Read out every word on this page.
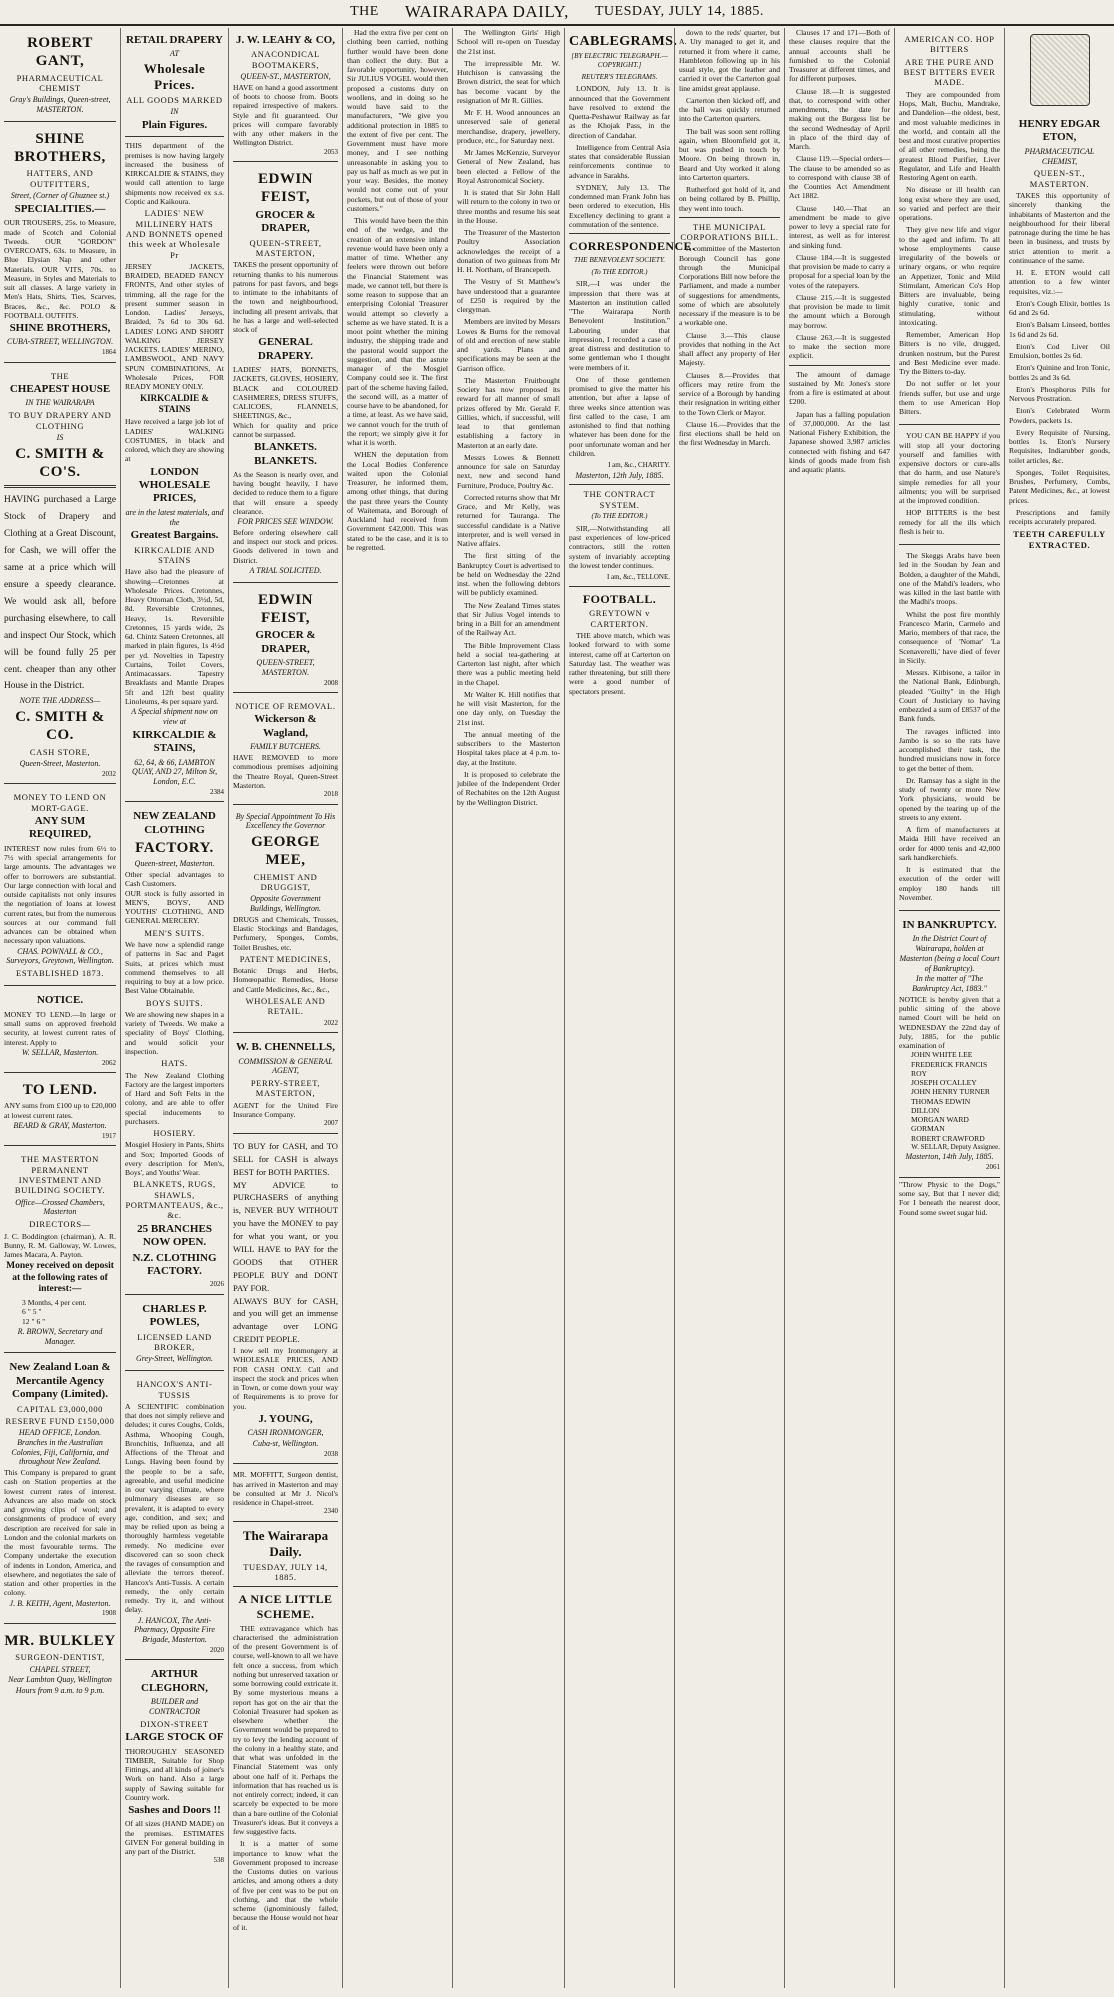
THE WAIRARAPA DAILY, TUESDAY, JULY 14, 1885.
ROBERT GANT,
PHARMACEUTICAL CHEMIST
Gray's Buildings, Queen-street, MASTERTON.
SHINE BROTHERS,
HATTERS, AND OUTFITTERS,
Street, (Corner of Ghuznee st.)
SPECIALITIES.—
OUR TROUSERS, 25s. to Measure, made of Scotch and Colonial Tweeds. OUR "GORDON" OVERCOATS, 63s. to Measure, in Blue Elysian Nap and other Materials. OUR VITS, 70s. to Measure, in Styles and Materials to suit all classes. A large variety in Men's Hats, Shirts, Ties, Scarves, Braces, &c., &c. POLO & FOOTBALL OUTFITS.
SHINE BROTHERS,
CUBA-STREET, WELLINGTON.
1864
THE
CHEAPEST HOUSE
IN THE WAIRARAPA
TO BUY DRAPERY AND CLOTHING
IS
C. SMITH & CO'S.
HAVING purchased a Large Stock of Drapery and Clothing at a Great Discount, for Cash, we will offer the same at a price which will ensure a speedy clearance. We would ask all, before purchasing elsewhere, to call and inspect Our Stock, which will be found fully 25 per cent. cheaper than any other House in the District.
NOTE THE ADDRESS—
C. SMITH & CO.
CASH STORE,
Queen-Street, Masterton.
2032
MONEY TO LEND ON MORT-GAGE.
ANY SUM REQUIRED,
INTEREST now rules from 6½ to 7½ with special arrangements for large amounts. The advantages we offer to borrowers are substantial. Our large connection with local and outside capitalists not only insures the negotiation of loans at lowest current rates, but from the numerous sources at our command full advances can be obtained when necessary upon valuations.
CHAS. POWNALL & CO., Surveyors, Greytown, Wellington.
ESTABLISHED 1873.
NOTICE.
MONEY TO LEND.—In large or small sums on approved freehold security, at lowest current rates of interest. Apply to
W. SELLAR, Masterton.
2062
TO LEND.
ANY sums from £100 up to £20,000 at lowest current rates.
BEARD & GRAY, Masterton.
1917
THE MASTERTON PERMANENT INVESTMENT AND BUILDING SOCIETY.
Office—Crossed Chambers, Masterton
DIRECTORS—
J. C. Boddington (chairman), A. R. Bunny, R. M. Galloway, W. Lowes, James Macara, A. Payton.
Money received on deposit at the following rates of interest:—
3 Months, 4 per cent.
6 " 5 "
12 " 6 "
R. BROWN, Secretary and Manager.
New Zealand Loan & Mercantile Agency Company (Limited).
CAPITAL £3,000,000
RESERVE FUND £150,000
HEAD OFFICE, London. Branches in the Australian Colonies, Fiji, California, and throughout New Zealand.
This Company is prepared to grant cash on Station properties at the lowest current rates of interest. Advances are also made on stock and growing clips of wool; and consignments of produce of every description are received for sale in London and the colonial markets on the most favourable terms. The Company undertake the execution of indents in London, America, and elsewhere, and negotiates the sale of station and other properties in the colony.
J. B. KEITH, Agent, Masterton.
1908
MR. BULKLEY
SURGEON-DENTIST,
CHAPEL STREET,
Near Lambton Quay, Wellington
Hours from 9 a.m. to 9 p.m.
RETAIL DRAPERY
AT
Wholesale Prices.
ALL GOODS MARKED
IN
Plain Figures.
THIS department of the premises is now having largely increased the business of KIRKCALDIE & STAINS, they would call attention to large shipments now received ex s.s. Coptic and Kaikoura.
LADIES' NEW MILLINERY HATS AND BONNETS opened this week at Wholesale Pr
JERSEY JACKETS, BRAIDED, BEADED FANCY FRONTS, And other styles of trimming, all the rage for the present summer season in London. Ladies' Jerseys, Braided, 7s 6d to 30s 6d. LADIES' LONG AND SHORT WALKING JERSEY JACKETS. LADIES' MERINO, LAMBSWOOL, AND NAVY SPUN COMBINATIONS, At Wholesale Prices, FOR READY MONEY ONLY.
KIRKCALDIE & STAINS
Have received a large job lot of LADIES' WALKING COSTUMES, in black and colored, which they are showing at
LONDON WHOLESALE PRICES,
are in the latest materials, and the
Greatest Bargains.
KIRKCALDIE AND STAINS
Have also had the pleasure of showing—Cretonnes at Wholesale Prices. Cretonnes, Heavy Ottoman Cloth, 3½d, 5d, 8d. Reversible Cretonnes, Heavy, 1s. Reversible Cretonnes, 15 yards wide, 2s 6d. Chintz Sateen Cretonnes, all marked in plain figures, 1s 4½d per yd. Novelties in Tapestry Curtains, Toilet Covers, Antimacassars. Tapestry Breakfasts and Mantle Drapes 5ft and 12ft best quality Linoleums, 4s per square yard.
A Special shipment now on view at
KIRKCALDIE & STAINS,
62, 64, & 66, LAMBTON QUAY, AND 27, Milton St, London, E.C.
2384
NEW ZEALAND CLOTHING
FACTORY.
Queen-street, Masterton.
Other special advantages to Cash Customers.
OUR stock is fully assorted in MEN'S, BOYS', AND YOUTHS' CLOTHING, AND GENERAL MERCERY.
MEN'S SUITS.
We have now a splendid range of patterns in Sac and Paget Suits, at prices which must commend themselves to all requiring to buy at a low price. Best Value Obtainable.
BOYS SUITS.
We are showing new shapes in a variety of Tweeds. We make a speciality of Boys' Clothing, and would solicit your inspection.
HATS.
The New Zealand Clothing Factory are the largest importers of Hard and Soft Felts in the colony, and are able to offer special inducements to purchasers.
HOSIERY.
Mosgiel Hosiery in Pants, Shirts and Sox; Imported Goods of every description for Men's, Boys', and Youths' Wear.
BLANKETS, RUGS, SHAWLS, PORTMANTEAUS, &c., &c.
25 BRANCHES NOW OPEN.
N.Z. CLOTHING FACTORY.
2026
CHARLES P. POWLES,
LICENSED LAND BROKER,
Grey-Street, Wellington.
HANCOX'S ANTI-TUSSIS
A SCIENTIFIC combination that does not simply relieve and deludes; it cures Coughs, Colds, Asthma, Whooping Cough, Bronchitis, Influenza, and all Affections of the Throat and Lungs. Having been found by the people to be a safe, agreeable, and useful medicine in our varying climate, where pulmonary diseases are so prevalent, it is adapted to every age, condition, and sex; and may be relied upon as being a thoroughly harmless vegetable remedy. No medicine ever discovered can so soon check the ravages of consumption and alleviate the terrors thereof. Hancox's Anti-Tussis. A certain remedy, the only certain remedy. Try it, and without delay.
J. HANCOX, The Anti-Pharmacy, Opposite Fire Brigade, Masterton.
2020
ARTHUR CLEGHORN,
BUILDER and CONTRACTOR
DIXON-STREET
LARGE STOCK OF
THOROUGHLY SEASONED TIMBER, Suitable for Shop Fittings, and all kinds of joiner's Work on hand. Also a large supply of Sawing suitable for Country work.
Sashes and Doors !!
Of all sizes (HAND MADE) on the premises. ESTIMATES GIVEN For general building in any part of the District.
538
J. W. LEAHY & CO,
ANACONDICAL BOOTMAKERS,
QUEEN-ST., MASTERTON,
HAVE on hand a good assortment of boots to choose from. Boots repaired irrespective of makers. Style and fit guaranteed. Our prices will compare favorably with any other makers in the Wellington District.
2053
EDWIN FEIST,
GROCER & DRAPER,
QUEEN-STREET, MASTERTON,
TAKES the present opportunity of returning thanks to his numerous patrons for past favors, and begs to intimate to the inhabitants of the town and neighbourhood, including all present arrivals, that he has a large and well-selected stock of
GENERAL DRAPERY.
LADIES' HATS, BONNETS, JACKETS, GLOVES, HOSIERY, BLACK and COLOURED CASHMERES, DRESS STUFFS, CALICOES, FLANNELS, SHEETINGS, &c.,
Which for quality and price cannot be surpassed.
BLANKETS. BLANKETS.
As the Season is nearly over, and having bought heavily, I have decided to reduce them to a figure that will ensure a speedy clearance.
FOR PRICES SEE WINDOW.
Before ordering elsewhere call and inspect our stock and prices. Goods delivered in town and District.
A TRIAL SOLICITED.
EDWIN FEIST,
GROCER & DRAPER,
QUEEN-STREET, MASTERTON.
2008
NOTICE OF REMOVAL.
Wickerson & Wagland,
FAMILY BUTCHERS.
HAVE REMOVED to more commodious premises adjoining the Theatre Royal, Queen-Street Masterton.
2018
By Special Appointment To His Excellency the Governor
GEORGE MEE,
CHEMIST AND DRUGGIST,
Opposite Government Buildings, Wellington.
DRUGS and Chemicals, Trusses, Elastic Stockings and Bandages, Perfumery, Sponges, Combs, Toilet Brushes, etc.
PATENT MEDICINES,
Botanic Drugs and Herbs, Homœopathic Remedies, Horse and Cattle Medicines, &c., &c.,
WHOLESALE AND RETAIL.
2022
W. B. CHENNELLS,
COMMISSION & GENERAL AGENT,
PERRY-STREET, MASTERTON,
AGENT for the United Fire Insurance Company.
2007
TO BUY for CASH, and TO SELL for CASH is always BEST for BOTH PARTIES.
MY ADVICE to PURCHASERS of anything is, NEVER BUY WITHOUT you have the MONEY to pay for what you want, or you WILL HAVE to PAY for the GOODS that OTHER PEOPLE BUY and DONT PAY FOR.
ALWAYS BUY for CASH, and you will get an immense advantage over LONG CREDIT PEOPLE.
I now sell my Ironmongery at WHOLESALE PRICES, AND FOR CASH ONLY. Call and inspect the stock and prices when in Town, or come down your way of Requirements is to prove for you.
J. YOUNG,
CASH IRONMONGER,
Cuba-st, Wellington.
2038
MR. MOFFITT, Surgeon dentist, has arrived in Masterton and may be consulted at Mr J. Nicol's residence in Chapel-street.
2340
The Wairarapa Daily.
TUESDAY, JULY 14, 1885.
A NICE LITTLE SCHEME.

THE extravagance which has characterised the administration of the present Government is of course, well-known to all we have felt once a success, from which nothing but unreserved taxation or some borrowing could extricate it. By some mysterious means a report has got on the air that the Colonial Treasurer had spoken as elsewhere whether the Government would be prepared to try to levy the lending account of the colony in a healthy state, and that what was unfolded in the Financial Statement was only about one half of it. Perhaps the information that has reached us is not entirely correct; indeed, it can scarcely be expected to be more than a bare outline of the Colonial Treasurer's ideas. But it conveys a few suggestive facts.

It is a matter of some importance to know what the Government proposed to increase the Customs duties on various articles, and among others a duty of five per cent was to be put on clothing, and that the whole scheme (ignominiously failed, because the House would not hear of it.

Had the extra five per cent on clothing been carried, nothing further would have been done than collect the duty. But a favorable opportunity, however, Sir JULIUS VOGEL would then proposed a customs duty on woollens, and in doing so he would have said to the manufacturers, "We give you additional protection in 1885 to the extent of five per cent. The Government must have more money, and I see nothing unreasonable in asking you to pay us half as much as we put in your way. Besides, the money would not come out of your pockets, but out of those of your customers."

This would have been the thin end of the wedge, and the creation of an extensive inland revenue would have been only a matter of time. Whether any feelers were thrown out before the Financial Statement was made, we cannot tell, but there is some reason to suppose that an enterprising Colonial Treasurer would attempt so cleverly a scheme as we have stated. It is a moot point whether the mining industry, the shipping trade and the pastoral would support the suggestion, and that the astute manager of the Mosgiel Company could see it. The first part of the scheme having failed, the second will, as a matter of course have to be abandoned, for a time, at least. As we have said, we cannot vouch for the truth of the report; we simply give it for what it is worth.

WHEN the deputation from the Local Bodies Conference waited upon the Colonial Treasurer, he informed them, among other things, that during the past three years the County of Waitemata, and Borough of Auckland had received from Government £42,000. This was stated to be the case, and it is to be regretted.

The Wellington Girls' High School will re-open on Tuesday the 21st inst.

The irrepressible Mr. W. Hutchison is canvassing the Brown district, the seat for which has become vacant by the resignation of Mr R. Gillies.

Mr F. H. Wood announces an unreserved sale of general merchandise, drapery, jewellery, produce, etc., for Saturday next.

Mr James McKenzie, Surveyor General of New Zealand, has been elected a Fellow of the Royal Astronomical Society.

It is stated that Sir John Hall will return to the colony in two or three months and resume his seat in the House.

The Treasurer of the Masterton Poultry Association acknowledges the receipt of a donation of two guineas from Mr H. H. Northam, of Brancepeth.

The Vestry of St Matthew's have understood that a guarantee of £250 is required by the clergyman.

Members are invited by Messrs Lowes & Burns for the removal of old and erection of new stable and yards. Plans and specifications may be seen at the Garrison office.

The Masterton Fruitbought Society has now proposed its reward for all manner of small prizes offered by Mr. Gerald F. Gillies, which, if successful, will lead to that gentleman establishing a factory in Masterton at an early date.

Messrs Lowes & Bennett announce for sale on Saturday next, new and second hand Furniture, Produce, Poultry &c.

Corrected returns show that Mr Grace, and Mr Kelly, was returned for Tauranga. The successful candidate is a Native interpreter, and is well versed in Native affairs.

The first sitting of the Bankruptcy Court is advertised to be held on Wednesday the 22nd inst. when the following debtors will be publicly examined.

The New Zealand Times states that Sir Julius Vogel intends to bring in a Bill for an amendment of the Railway Act.

The Bible Improvement Class held a social tea-gathering at Carterton last night, after which there was a public meeting held in the Chapel.

Mr Walter K. Hill notifies that he will visit Masterton, for the one day only, on Tuesday the 21st inst.

The annual meeting of the subscribers to the Masterton Hospital takes place at 4 p.m. to-day, at the Institute.

It is proposed to celebrate the jubilee of the Independent Order of Rechabites on the 12th August by the Wellington District.

CABLEGRAMS.
[BY ELECTRIC TELEGRAPH.—COPYRIGHT.]
REUTER'S TELEGRAMS.

LONDON, July 13. It is announced that the Government have resolved to extend the Quetta-Peshawur Railway as far as the Khojak Pass, in the direction of Candahar.

Intelligence from Central Asia states that considerable Russian reinforcements continue to advance in Sarakhs.

SYDNEY, July 13. The condemned man Frank John has been ordered to execution, His Excellency declining to grant a commutation of the sentence.

CORRESPONDENCE.
THE BENEVOLENT SOCIETY.
(To THE EDITOR.)

SIR,—I was under the impression that there was at Masterton an institution called "The Wairarapa North Benevolent Institution." Labouring under that impression, I recorded a case of great distress and destitution to some gentleman who I thought were members of it.

One of those gentlemen promised to give the matter his attention, but after a lapse of three weeks since attention was first called to the case, I am astonished to find that nothing whatever has been done for the poor unfortunate woman and her children.

I am, &c., CHARITY.
Masterton, 12th July, 1885.
THE CONTRACT SYSTEM.
(To THE EDITOR.)

SIR,—Notwithstanding all past experiences of low-priced contractors, still the rotten system of invariably accepting the lowest tender continues.

I am, &c., TELLONE.
FOOTBALL.
GREYTOWN v CARTERTON.

THE above match, which was looked forward to with some interest, came off at Carterton on Saturday last. The weather was rather threatening, but still there were a good number of spectators present.

down to the reds' quarter, but A. Uty managed to get it, and returned it from where it came, Hambleton following up in his usual style, got the leather and carried it over the Carterton goal line amidst great applause.

Carterton then kicked off, and the ball was quickly returned into the Carterton quarters.

The ball was soon sent rolling again, when Bloomfield got it, but was pushed in touch by Moore. On being thrown in, Beard and Uty worked it along into Carterton quarters.

Rutherford got hold of it, and on being collared by B. Phillip, they went into touch.

THE MUNICIPAL CORPORATIONS BILL.

A committee of the Masterton Borough Council has gone through the Municipal Corporations Bill now before the Parliament, and made a number of suggestions for amendments, some of which are absolutely necessary if the measure is to be a workable one.

Clause 3.—This clause provides that nothing in the Act shall affect any property of Her Majesty.

Clauses 8.—Provides that officers may retire from the service of a Borough by handing their resignation in writing either to the Town Clerk or Mayor.

Clause 16.—Provides that the first elections shall be held on the first Wednesday in March.

Clauses 17 and 171—Both of these clauses require that the annual accounts shall be furnished to the Colonial Treasurer at different times, and for different purposes.

Clause 18.—It is suggested that, to correspond with other amendments, the date for making out the Burgess list be the second Wednesday of April in place of the third day of March.

Clause 119.—Special orders—The clause to be amended so as to correspond with clause 38 of the Counties Act Amendment Act 1882.

Clause 140.—That an amendment be made to give power to levy a special rate for interest, as well as for interest and sinking fund.

Clause 184.—It is suggested that provision be made to carry a proposal for a special loan by the votes of the ratepayers.

Clause 215.—It is suggested that provision be made to limit the amount which a Borough may borrow.

Clause 263.—It is suggested to make the section more explicit.

The amount of damage sustained by Mr. Jones's store from a fire is estimated at about £200.

Japan has a falling population of 37,000,000. At the last National Fishery Exhibition, the Japanese showed 3,987 articles connected with fishing and 647 kinds of goods made from fish and aquatic plants.

AMERICAN CO. HOP BITTERS
ARE THE PURE AND BEST BITTERS EVER MADE.

They are compounded from Hops, Malt, Buchu, Mandrake, and Dandelion—the oldest, best, and most valuable medicines in the world, and contain all the best and most curative properties of all other remedies, being the greatest Blood Purifier, Liver Regulator, and Life and Health Restoring Agent on earth.

No disease or ill health can long exist where they are used, so varied and perfect are their operations.

They give new life and vigor to the aged and infirm. To all whose employments cause irregularity of the bowels or urinary organs, or who require an Appetizer, Tonic and Mild Stimulant, American Co's Hop Bitters are invaluable, being highly curative, tonic and stimulating, without intoxicating.

Remember, American Hop Bitters is no vile, drugged, drunken nostrum, but the Purest and Best Medicine ever made. Try the Bitters to-day.

Do not suffer or let your friends suffer, but use and urge them to use American Hop Bitters.

YOU CAN BE HAPPY if you will stop all your doctoring yourself and families with expensive doctors or cure-alls that do harm, and use Nature's simple remedies for all your ailments; you will be surprised at the improved condition.

HOP BITTERS is the best remedy for all the ills which flesh is heir to.

The Skeggs Arabs have been led in the Soudan by Jean and Bolden, a daughter of the Mahdi, one of the Mahdi's leaders, who was killed in the last battle with the Madhi's troops.

Whilst the post fire monthly Francesco Marin, Carmelo and Mario, members of that race, the consequence of 'Nomar' 'La Scenaverelli,' have died of fever in Sicily.

Messrs. Kitbisone, a tailor in the National Bank, Edinburgh, pleaded "Guilty" in the High Court of Justiciary to having embezzled a sum of £8537 of the Bank funds.

The ravages inflicted into Jambo is so so the rats have accomplished their task, the hundred musicians now in force to get the better of them.

Dr. Ramsay has a sight in the study of twenty or more New York physicians, would be opened by the tearing up of the streets to any extent.

A firm of manufacturers at Maida Hill have received an order for 4000 tenis and 42,000 sark handkerchiefs.

It is estimated that the execution of the order will employ 180 hands till November.

IN BANKRUPTCY.
In the District Court of Wairarapa, holden at Masterton (being a local Court of Bankruptcy).
In the matter of "The Bankruptcy Act, 1883."
NOTICE is hereby given that a public sitting of the above named Court will be held on WEDNESDAY the 22nd day of July, 1885, for the public examination of
JOHN WHITE LEE
FREDERICK FRANCIS ROY
JOSEPH O'CALLEY
JOHN HENRY TURNER
THOMAS EDWIN DILLON
MORGAN WARD GORMAN
ROBERT CRAWFORD
W. SELLAR, Deputy Assignee.
Masterton, 14th July, 1885.
2061
"Throw Physic to the Dogs," some say, But that I never did; For I beneath the nearest door, Found some sweet sugar hid.
HENRY EDGAR ETON,
PHARMACEUTICAL CHEMIST,
QUEEN-ST., MASTERTON.

TAKES this opportunity of sincerely thanking the inhabitants of Masterton and the neighbourhood for their liberal patronage during the time he has been in business, and trusts by strict attention to merit a continuance of the same.

H. E. ETON would call attention to a few winter requisites, viz.:—

Eton's Cough Elixir, bottles 1s 6d and 2s 6d.

Eton's Balsam Linseed, bottles 1s 6d and 2s 6d.

Eton's Cod Liver Oil Emulsion, bottles 2s 6d.

Eton's Quinine and Iron Tonic, bottles 2s and 3s 6d.

Eton's Phosphorus Pills for Nervous Prostration.

Eton's Celebrated Worm Powders, packets 1s.

Every Requisite of Nursing, bottles 1s. Eton's Nursery Requisites, Indiarubber goods, toilet articles, &c.

Sponges, Toilet Requisites, Brushes, Perfumery, Combs, Patent Medicines, &c., at lowest prices.

Prescriptions and family receipts accurately prepared.

TEETH CAREFULLY EXTRACTED.
